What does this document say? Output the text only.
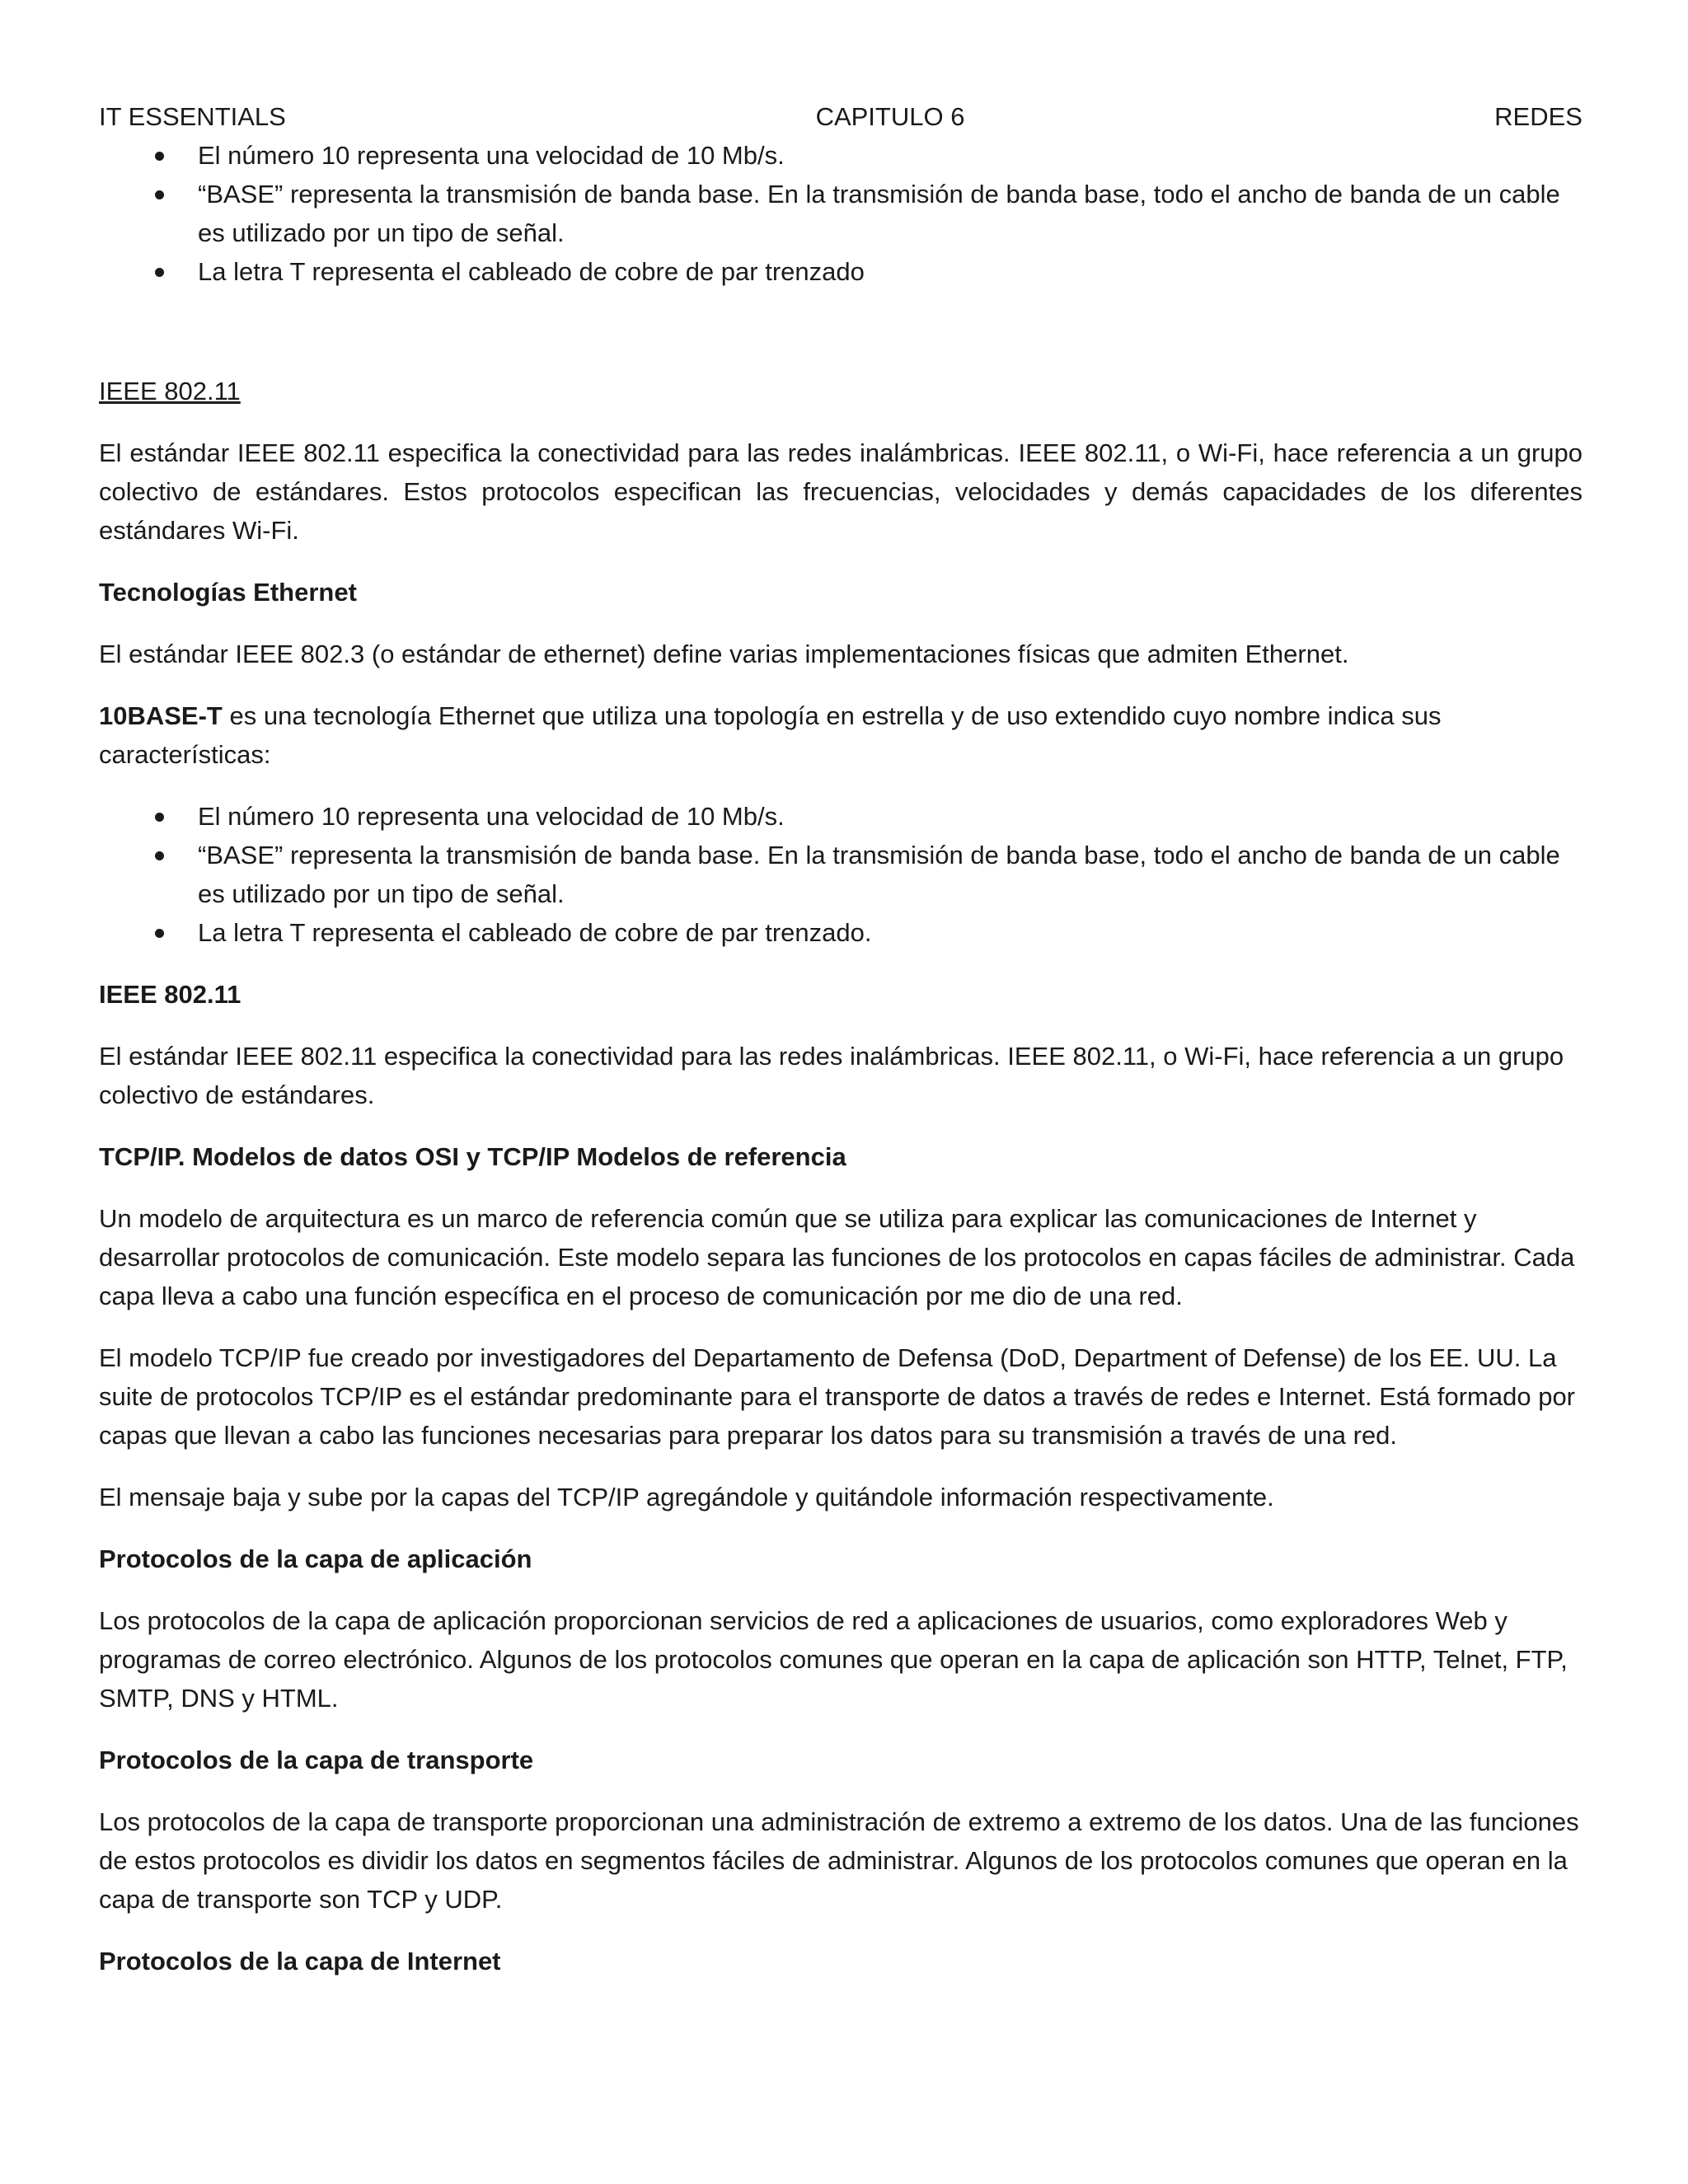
IT ESSENTIALS	CAPITULO 6	REDES
El número 10 representa una velocidad de 10 Mb/s.
“BASE” representa la transmisión de banda base. En la transmisión de banda base, todo el ancho de banda de un cable es utilizado por un tipo de señal.
La letra T representa el cableado de cobre de par trenzado

IEEE 802.11

El estándar IEEE 802.11 especifica la conectividad para las redes inalámbricas. IEEE 802.11, o Wi-Fi, hace referencia a un grupo colectivo de estándares. Estos protocolos especifican las frecuencias, velocidades y demás capacidades de los diferentes estándares Wi-Fi.

Tecnologías Ethernet

El estándar IEEE 802.3 (o estándar de ethernet) define varias implementaciones físicas que admiten Ethernet.

10BASE-T es una tecnología Ethernet que utiliza una topología en estrella y de uso extendido cuyo nombre indica sus características:

El número 10 representa una velocidad de 10 Mb/s.
“BASE” representa la transmisión de banda base. En la transmisión de banda base, todo el ancho de banda de un cable es utilizado por un tipo de señal.
La letra T representa el cableado de cobre de par trenzado.

IEEE 802.11

El estándar IEEE 802.11 especifica la conectividad para las redes inalámbricas. IEEE 802.11, o Wi-Fi, hace referencia a un grupo colectivo de estándares.

TCP/IP. Modelos de datos OSI y TCP/IP Modelos de referencia

Un modelo de arquitectura es un marco de referencia común que se utiliza para explicar las comunicaciones de Internet y desarrollar protocolos de comunicación. Este modelo separa las funciones de los protocolos en capas fáciles de administrar. Cada capa lleva a cabo una función específica en el proceso de comunicación por me dio de una red.

El modelo TCP/IP fue creado por investigadores del Departamento de Defensa (DoD, Department of Defense) de los EE. UU. La suite de protocolos TCP/IP es el estándar predominante para el transporte de datos a través de redes e Internet. Está formado por capas que llevan a cabo las funciones necesarias para preparar los datos para su transmisión a través de una red.

El mensaje baja y sube por la capas del TCP/IP agregándole y quitándole información respectivamente.

Protocolos de la capa de aplicación

Los protocolos de la capa de aplicación proporcionan servicios de red a aplicaciones de usuarios, como exploradores Web y programas de correo electrónico. Algunos de los protocolos comunes que operan en la capa de aplicación son HTTP, Telnet, FTP, SMTP, DNS y HTML.

Protocolos de la capa de transporte

Los protocolos de la capa de transporte proporcionan una administración de extremo a extremo de los datos. Una de las funciones de estos protocolos es dividir los datos en segmentos fáciles de administrar. Algunos de los protocolos comunes que operan en la capa de transporte son TCP y UDP.

Protocolos de la capa de Internet
